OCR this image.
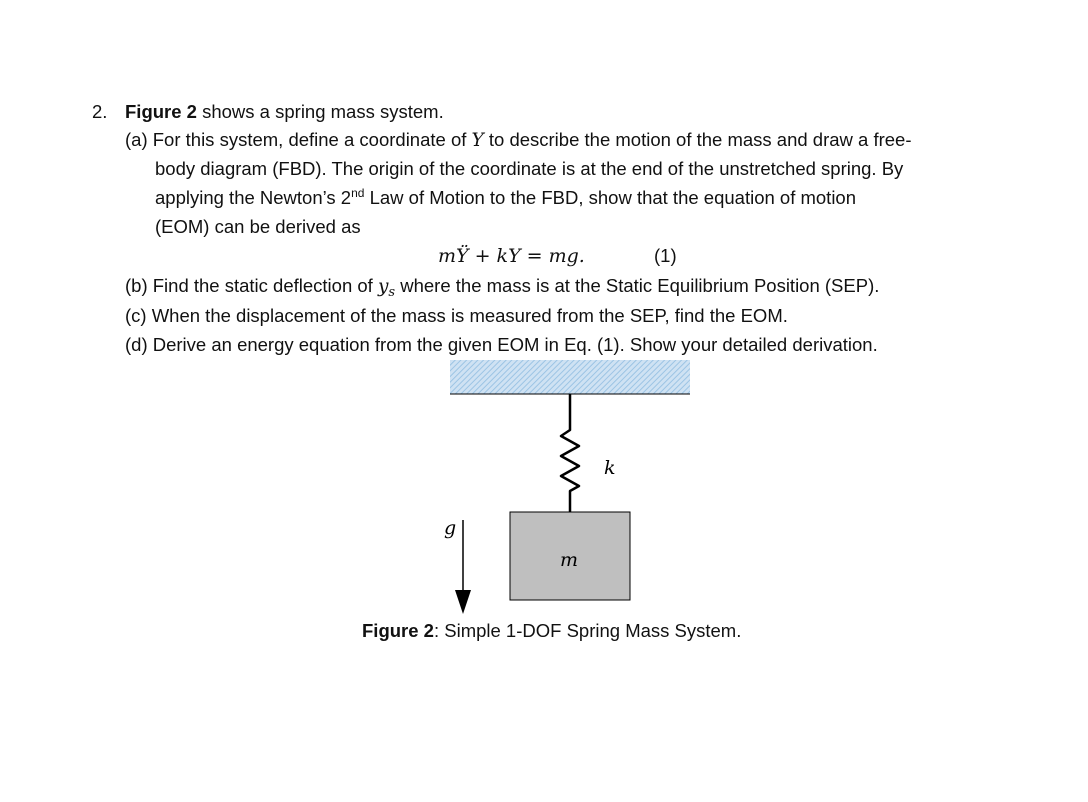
2. Figure 2 shows a spring mass system.
(a) For this system, define a coordinate of Y to describe the motion of the mass and draw a free-
body diagram (FBD). The origin of the coordinate is at the end of the unstretched spring. By
applying the Newton’s 2nd Law of Motion to the FBD, show that the equation of motion
(EOM) can be derived as
mŸ + kY = mg.	(1)
(b) Find the static deflection of $y_s$ where the mass is at the Static Equilibrium Position (SEP).
(c) When the displacement of the mass is measured from the SEP, find the EOM.
(d) Derive an energy equation from the given EOM in Eq. (1). Show your detailed derivation.
k
m
g
Figure 2: Simple 1-DOF Spring Mass System.
